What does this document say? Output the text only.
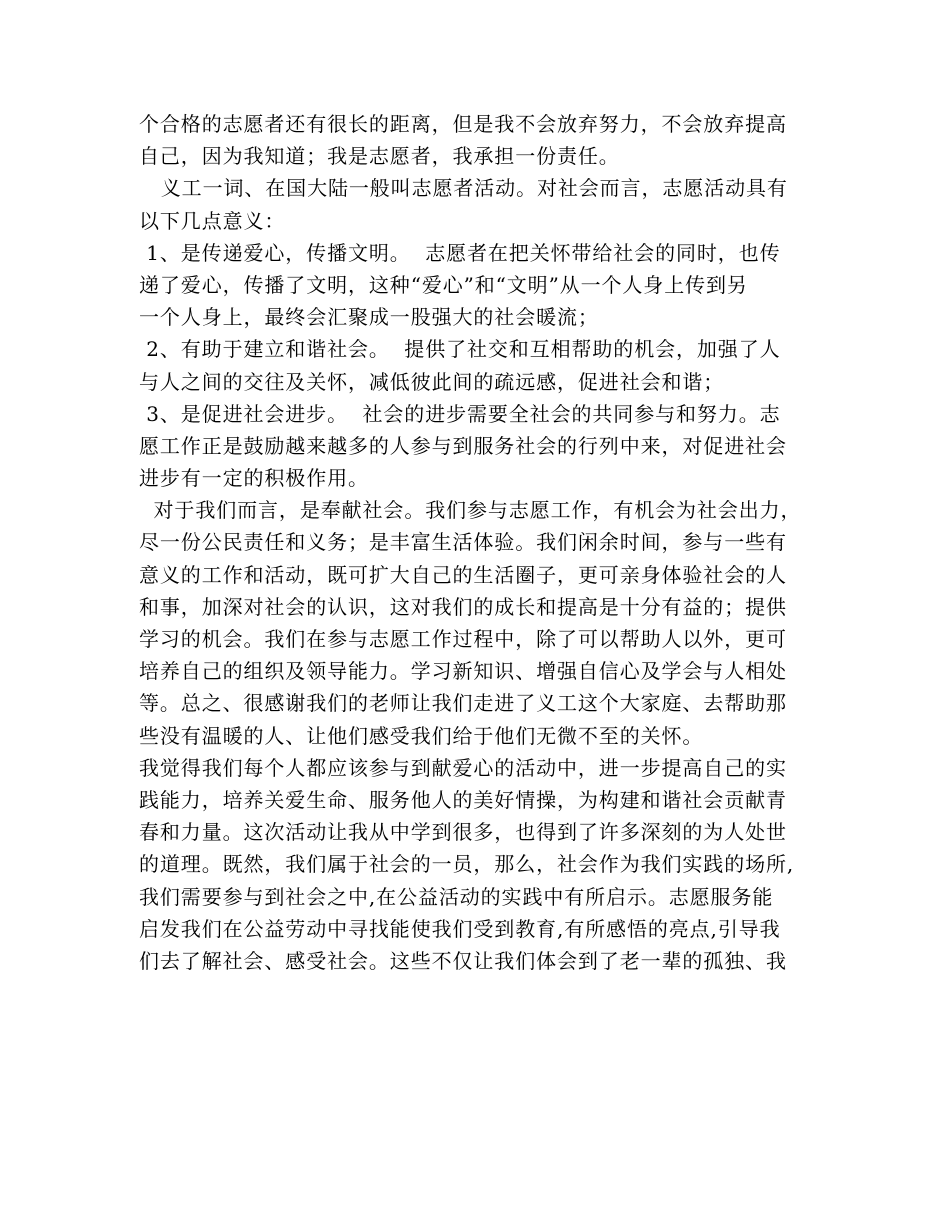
个合格的志愿者还有很长的距离，但是我不会放弃努力，不会放弃提高
自己，因为我知道；我是志愿者，我承担一份责任。
义工一词、在国大陆一般叫志愿者活动。对社会而言，志愿活动具有
以下几点意义：
1、是传递爱心，传播文明。  志愿者在把关怀带给社会的同时，也传
递了爱心，传播了文明，这种“爱心”和“文明”从一个人身上传到另
一个人身上，最终会汇聚成一股强大的社会暖流；
2、有助于建立和谐社会。  提供了社交和互相帮助的机会，加强了人
与人之间的交往及关怀，减低彼此间的疏远感，促进社会和谐；
3、是促进社会进步。  社会的进步需要全社会的共同参与和努力。志
愿工作正是鼓励越来越多的人参与到服务社会的行列中来，对促进社会
进步有一定的积极作用。
对于我们而言，是奉献社会。我们参与志愿工作，有机会为社会出力，
尽一份公民责任和义务；是丰富生活体验。我们闲余时间，参与一些有
意义的工作和活动，既可扩大自己的生活圈子，更可亲身体验社会的人
和事，加深对社会的认识，这对我们的成长和提高是十分有益的；提供
学习的机会。我们在参与志愿工作过程中，除了可以帮助人以外，更可
培养自己的组织及领导能力。学习新知识、增强自信心及学会与人相处
等。总之、很感谢我们的老师让我们走进了义工这个大家庭、去帮助那
些没有温暖的人、让他们感受我们给于他们无微不至的关怀。
我觉得我们每个人都应该参与到献爱心的活动中，进一步提高自己的实
践能力，培养关爱生命、服务他人的美好情操，为构建和谐社会贡献青
春和力量。这次活动让我从中学到很多，也得到了许多深刻的为人处世
的道理。既然，我们属于社会的一员，那么，社会作为我们实践的场所,
我们需要参与到社会之中,在公益活动的实践中有所启示。志愿服务能
启发我们在公益劳动中寻找能使我们受到教育,有所感悟的亮点,引导我
们去了解社会、感受社会。这些不仅让我们体会到了老一辈的孤独、我
